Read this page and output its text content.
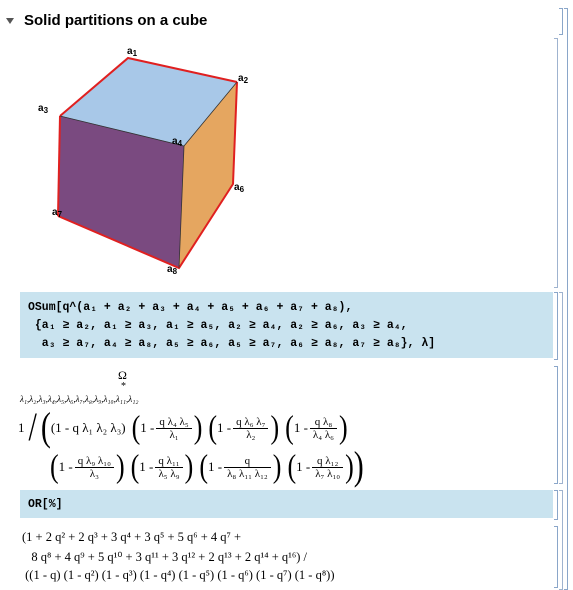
Solid partitions on a cube
$a_1$
$a_2$
$a_3$
$a_4$
$a_6$
$a_7$
$a_8$
OSum[q^(a₁ + a₂ + a₃ + a₄ + a₅ + a₆ + a₇ + a₈),
{a₁ ≥ a₂, a₁ ≥ a₃, a₁ ≥ a₅, a₂ ≥ a₄, a₂ ≥ a₆, a₃ ≥ a₄,
a₃ ≥ a₇, a₄ ≥ a₈, a₅ ≥ a₆, a₅ ≥ a₇, a₆ ≥ a₈, a₇ ≥ a₈}, λ]
Ω
*
λ₁,λ₂,λ₃,λ₄,λ₅,λ₆,λ₇,λ₈,λ₉,λ₁₀,λ₁₁,λ₁₂
1 / ( (1 - q λ₁ λ₂ λ₃) ( $1 - \frac{\text{q λ₄ λ₅}}{\text{λ₁}}$ ) ( $1 - \frac{\text{q λ₆ λ₇}}{\text{λ₂}}$ ) ( $1 - \frac{\text{q λ₈}}{\text{λ₄ λ₆}}$ )
( $1 - \frac{\text{q λ₉ λ₁₀}}{\text{λ₃}}$ ) ( $1 - \frac{\text{q λ₁₁}}{\text{λ₅ λ₉}}$ ) ( $1 - \frac{q}{\text{λ₈ λ₁₁ λ₁₂}}$ ) ( $1 - \frac{\text{q λ₁₂}}{\text{λ₇ λ₁₀}}$ ) )
OR[%]
(1 + 2 q² + 2 q³ + 3 q⁴ + 3 q⁵ + 5 q⁶ + 4 q⁷ +
8 q⁸ + 4 q⁹ + 5 q¹⁰ + 3 q¹¹ + 3 q¹² + 2 q¹³ + 2 q¹⁴ + q¹⁶) /
((1 - q) (1 - q²) (1 - q³) (1 - q⁴) (1 - q⁵) (1 - q⁶) (1 - q⁷) (1 - q⁸))
